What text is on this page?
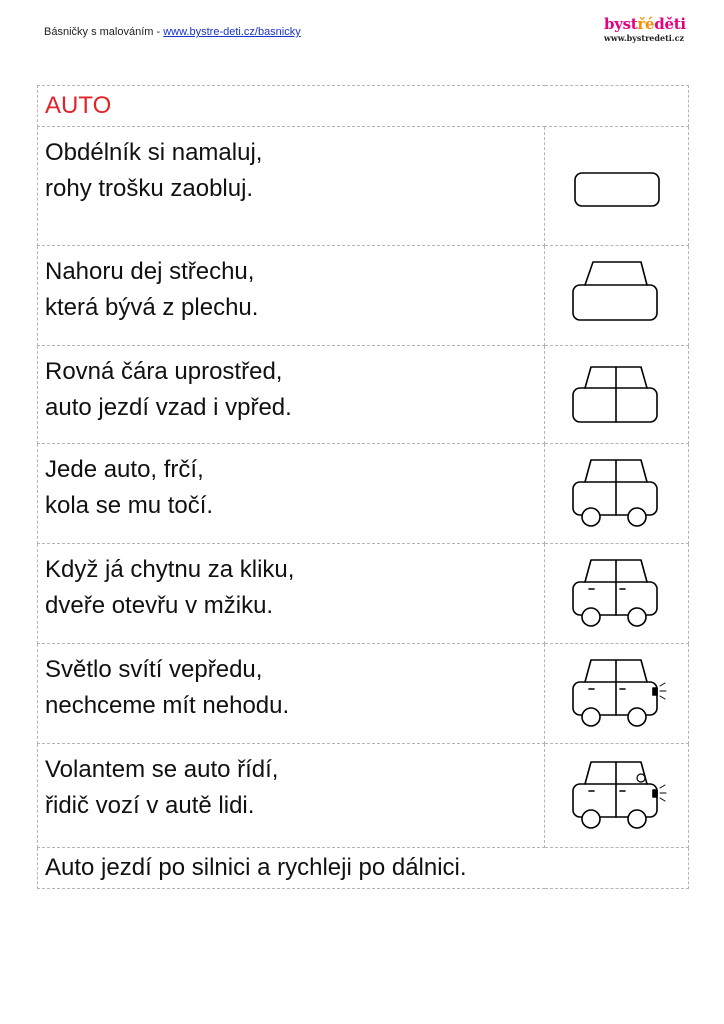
Básničky s malováním - www.bystre-deti.cz/basnicky	bystřéděti
www.bystredeti.cz
AUTO	

Obdélník si namaluj,
rohy trošku zaobluj.

Nahoru dej střechu,
která bývá z plechu.

Rovná čára uprostřed,
auto jezdí vzad i vpřed.

Jede auto, frčí,
kola se mu točí.

Když já chytnu za kliku,
dveře otevřu v mžiku.

Světlo svítí vepředu,
nechceme mít nehodu.

Volantem se auto řídí,
řidič vozí v autě lidi.

Auto jezdí po silnici a rychleji po dálnici.	
